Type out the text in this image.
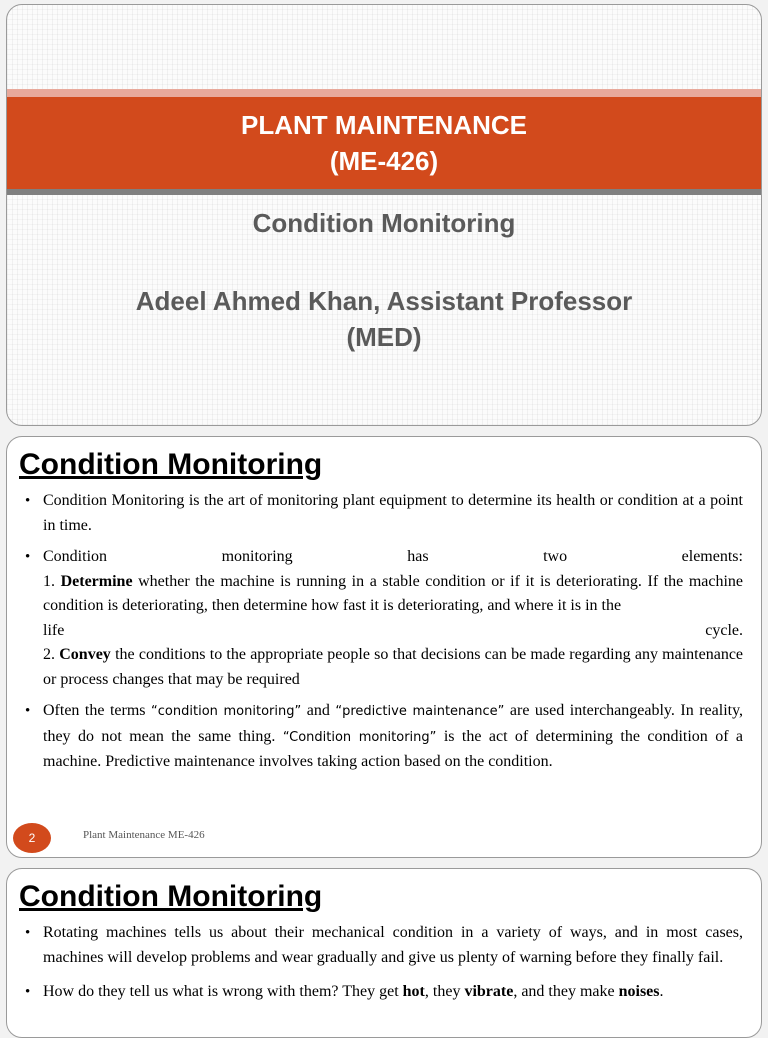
PLANT MAINTENANCE
(ME-426)
Condition Monitoring
Adeel Ahmed Khan, Assistant Professor
(MED)
Condition Monitoring
• Condition Monitoring is the art of monitoring plant equipment to determine its health or condition at a point in time.
• Condition	monitoring	has	two	elements:
1. Determine whether the machine is running in a stable condition or if it is deteriorating. If the machine condition is deteriorating, then determine how fast it is deteriorating, and where it is in the
life	cycle.
2. Convey the conditions to the appropriate people so that decisions can be made regarding any maintenance or process changes that may be required
• Often the terms “condition monitoring” and “predictive maintenance” are used interchangeably. In reality, they do not mean the same thing. “Condition monitoring” is the act of determining the condition of a machine. Predictive maintenance involves taking action based on the condition.
2	Plant Maintenance ME-426
Condition Monitoring
• Rotating machines tells us about their mechanical condition in a variety of ways, and in most cases, machines will develop problems and wear gradually and give us plenty of warning before they finally fail.
• How do they tell us what is wrong with them? They get hot, they vibrate, and they make noises.
